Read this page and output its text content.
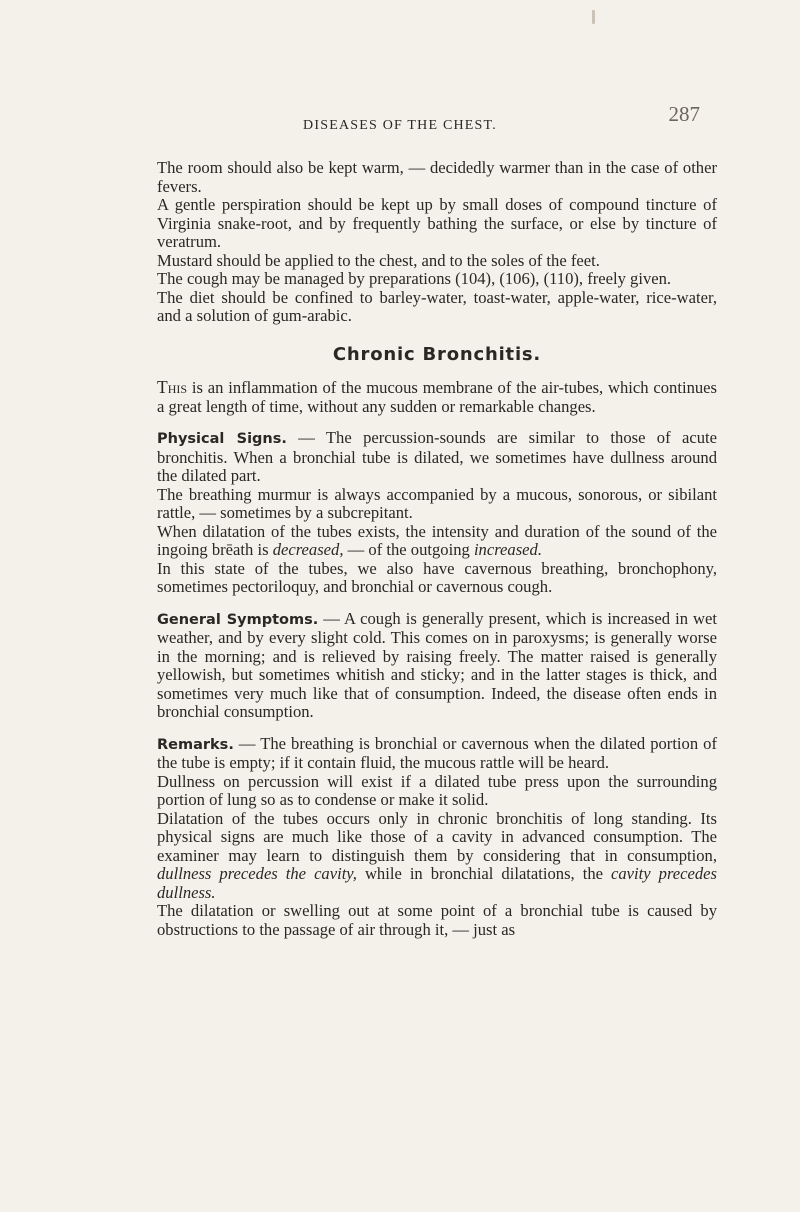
DISEASES OF THE CHEST.	287

The room should also be kept warm, — decidedly warmer than in the case of other fevers.

A gentle perspiration should be kept up by small doses of compound tincture of Virginia snake-root, and by frequently bathing the surface, or else by tincture of veratrum.

Mustard should be applied to the chest, and to the soles of the feet.

The cough may be managed by preparations (104), (106), (110), freely given.

The diet should be confined to barley-water, toast-water, apple-water, rice-water, and a solution of gum-arabic.

Chronic Bronchitis.

This is an inflammation of the mucous membrane of the air-tubes, which continues a great length of time, without any sudden or remarkable changes.

Physical Signs. — The percussion-sounds are similar to those of acute bronchitis. When a bronchial tube is dilated, we sometimes have dullness around the dilated part.

The breathing murmur is always accompanied by a mucous, sonorous, or sibilant rattle, — sometimes by a subcrepitant.

When dilatation of the tubes exists, the intensity and duration of the sound of the ingoing brēath is decreased, — of the outgoing increased.

In this state of the tubes, we also have cavernous breathing, bronchophony, sometimes pectoriloquy, and bronchial or cavernous cough.

General Symptoms. — A cough is generally present, which is increased in wet weather, and by every slight cold. This comes on in paroxysms; is generally worse in the morning; and is relieved by raising freely. The matter raised is generally yellowish, but sometimes whitish and sticky; and in the latter stages is thick, and sometimes very much like that of consumption. Indeed, the disease often ends in bronchial consumption.

Remarks. — The breathing is bronchial or cavernous when the dilated portion of the tube is empty; if it contain fluid, the mucous rattle will be heard.

Dullness on percussion will exist if a dilated tube press upon the surrounding portion of lung so as to condense or make it solid.

Dilatation of the tubes occurs only in chronic bronchitis of long standing. Its physical signs are much like those of a cavity in advanced consumption. The examiner may learn to distinguish them by considering that in consumption, dullness precedes the cavity, while in bronchial dilatations, the cavity precedes dullness.

The dilatation or swelling out at some point of a bronchial tube is caused by obstructions to the passage of air through it, — just as
